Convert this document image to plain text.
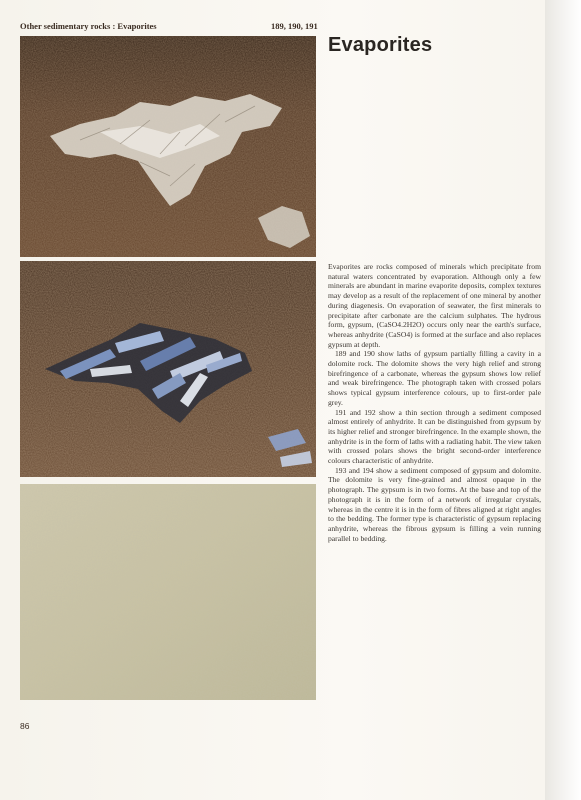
Other sedimentary rocks : Evaporites	189, 190, 191
Evaporites

Evaporites are rocks composed of minerals which precipitate from natural waters concentrated by evaporation. Although only a few minerals are abundant in marine evaporite deposits, complex textures may develop as a result of the replacement of one mineral by another during diagenesis. On evaporation of seawater, the first minerals to precipitate after carbonate are the calcium sulphates. The hydrous form, gypsum, (CaSO4.2H2O) occurs only near the earth's surface, whereas anhydrite (CaSO4) is formed at the surface and also replaces gypsum at depth.

189 and 190 show laths of gypsum partially filling a cavity in a dolomite rock. The dolomite shows the very high relief and strong birefringence of a carbonate, whereas the gypsum shows low relief and weak birefringence. The photograph taken with crossed polars shows typical gypsum interference colours, up to first-order pale grey.

191 and 192 show a thin section through a sediment composed almost entirely of anhydrite. It can be distinguished from gypsum by its higher relief and stronger birefringence. In the example shown, the anhydrite is in the form of laths with a radiating habit. The view taken with crossed polars shows the bright second-order interference colours characteristic of anhydrite.

193 and 194 show a sediment composed of gypsum and dolomite. The dolomite is very fine-grained and almost opaque in the photograph. The gypsum is in two forms. At the base and top of the photograph it is in the form of a network of irregular crystals, whereas in the centre it is in the form of fibres aligned at right angles to the bedding. The former type is characteristic of gypsum replacing anhydrite, whereas the fibrous gypsum is filling a vein running parallel to bedding.

86
